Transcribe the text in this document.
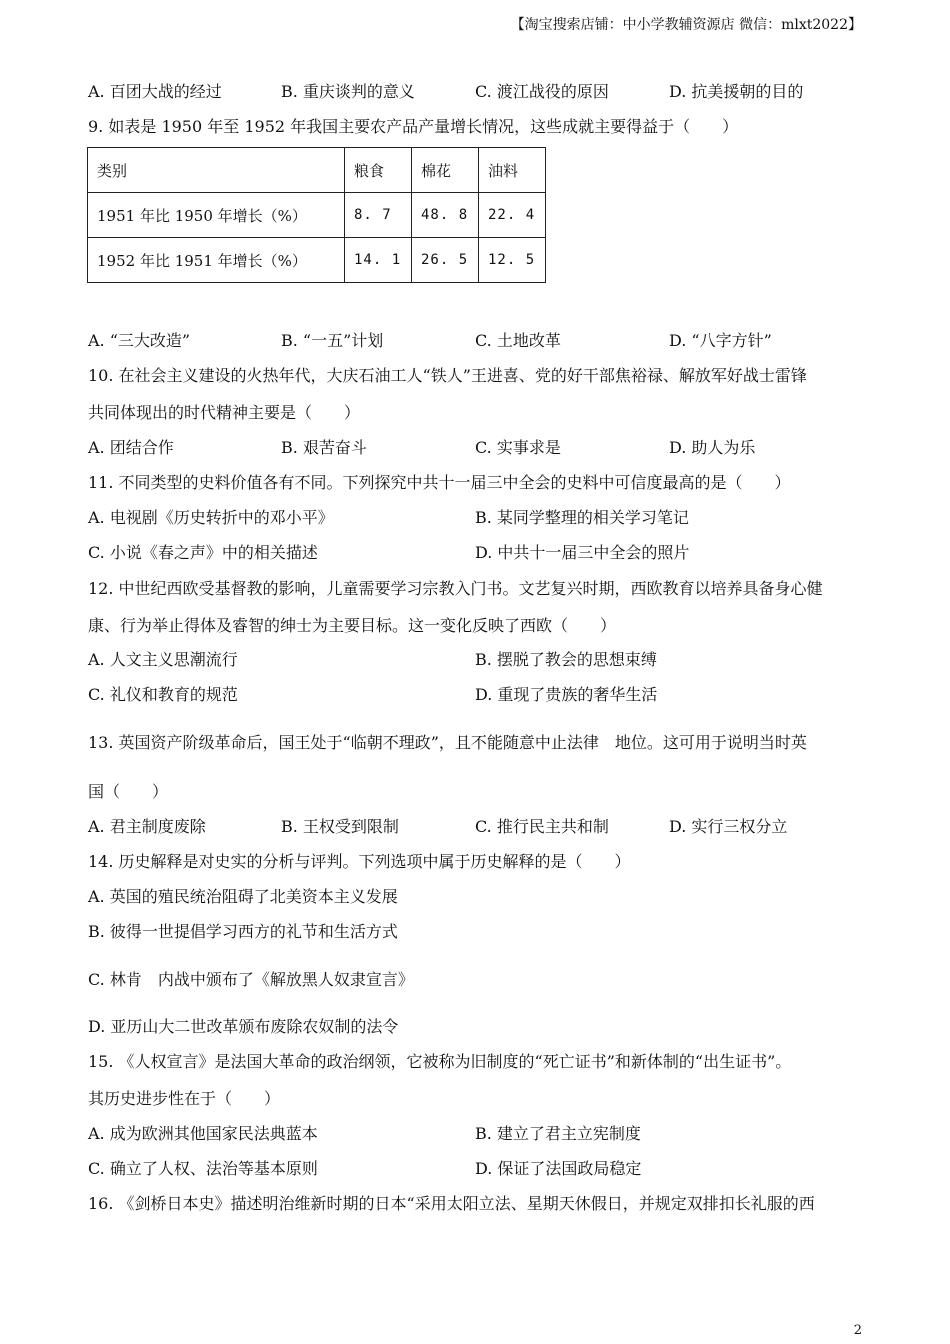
【淘宝搜索店铺：中小学教辅资源店 微信：mlxt2022】
A. 百团大战的经过	B. 重庆谈判的意义	C. 渡江战役的原因	D. 抗美援朝的目的
9. 如表是 1950 年至 1952 年我国主要农产品产量增长情况，这些成就主要得益于（　　）
类别	粮食	棉花	油料
1951 年比 1950 年增长（%）	8. 7	48. 8	22. 4
1952 年比 1951 年增长（%）	14. 1	26. 5	12. 5
A. “三大改造”	B. “一五”计划	C. 土地改革	D. “八字方针”
10. 在社会主义建设的火热年代，大庆石油工人“铁人”王进喜、党的好干部焦裕禄、解放军好战士雷锋
共同体现出的时代精神主要是（　　）
A. 团结合作	B. 艰苦奋斗	C. 实事求是	D. 助人为乐
11. 不同类型的史料价值各有不同。下列探究中共十一届三中全会的史料中可信度最高的是（　　）
A. 电视剧《历史转折中的邓小平》	B. 某同学整理的相关学习笔记
C. 小说《春之声》中的相关描述	D. 中共十一届三中全会的照片
12. 中世纪西欧受基督教的影响，儿童需要学习宗教入门书。文艺复兴时期，西欧教育以培养具备身心健
康、行为举止得体及睿智的绅士为主要目标。这一变化反映了西欧（　　）
A. 人文主义思潮流行	B. 摆脱了教会的思想束缚
C. 礼仪和教育的规范	D. 重现了贵族的奢华生活
13. 英国资产阶级革命后，国王处于“临朝不理政”，且不能随意中止法律　地位。这可用于说明当时英
国（　　）
A. 君主制度废除	B. 王权受到限制	C. 推行民主共和制	D. 实行三权分立
14. 历史解释是对史实的分析与评判。下列选项中属于历史解释的是（　　）
A. 英国的殖民统治阻碍了北美资本主义发展
B. 彼得一世提倡学习西方的礼节和生活方式
C. 林肯　内战中颁布了《解放黑人奴隶宣言》
D. 亚历山大二世改革颁布废除农奴制的法令
15. 《人权宣言》是法国大革命的政治纲领，它被称为旧制度的“死亡证书”和新体制的“出生证书”。
其历史进步性在于（　　）
A. 成为欧洲其他国家民法典蓝本	B. 建立了君主立宪制度
C. 确立了人权、法治等基本原则	D. 保证了法国政局稳定
16. 《剑桥日本史》描述明治维新时期的日本“采用太阳立法、星期天休假日，并规定双排扣长礼服的西
2
